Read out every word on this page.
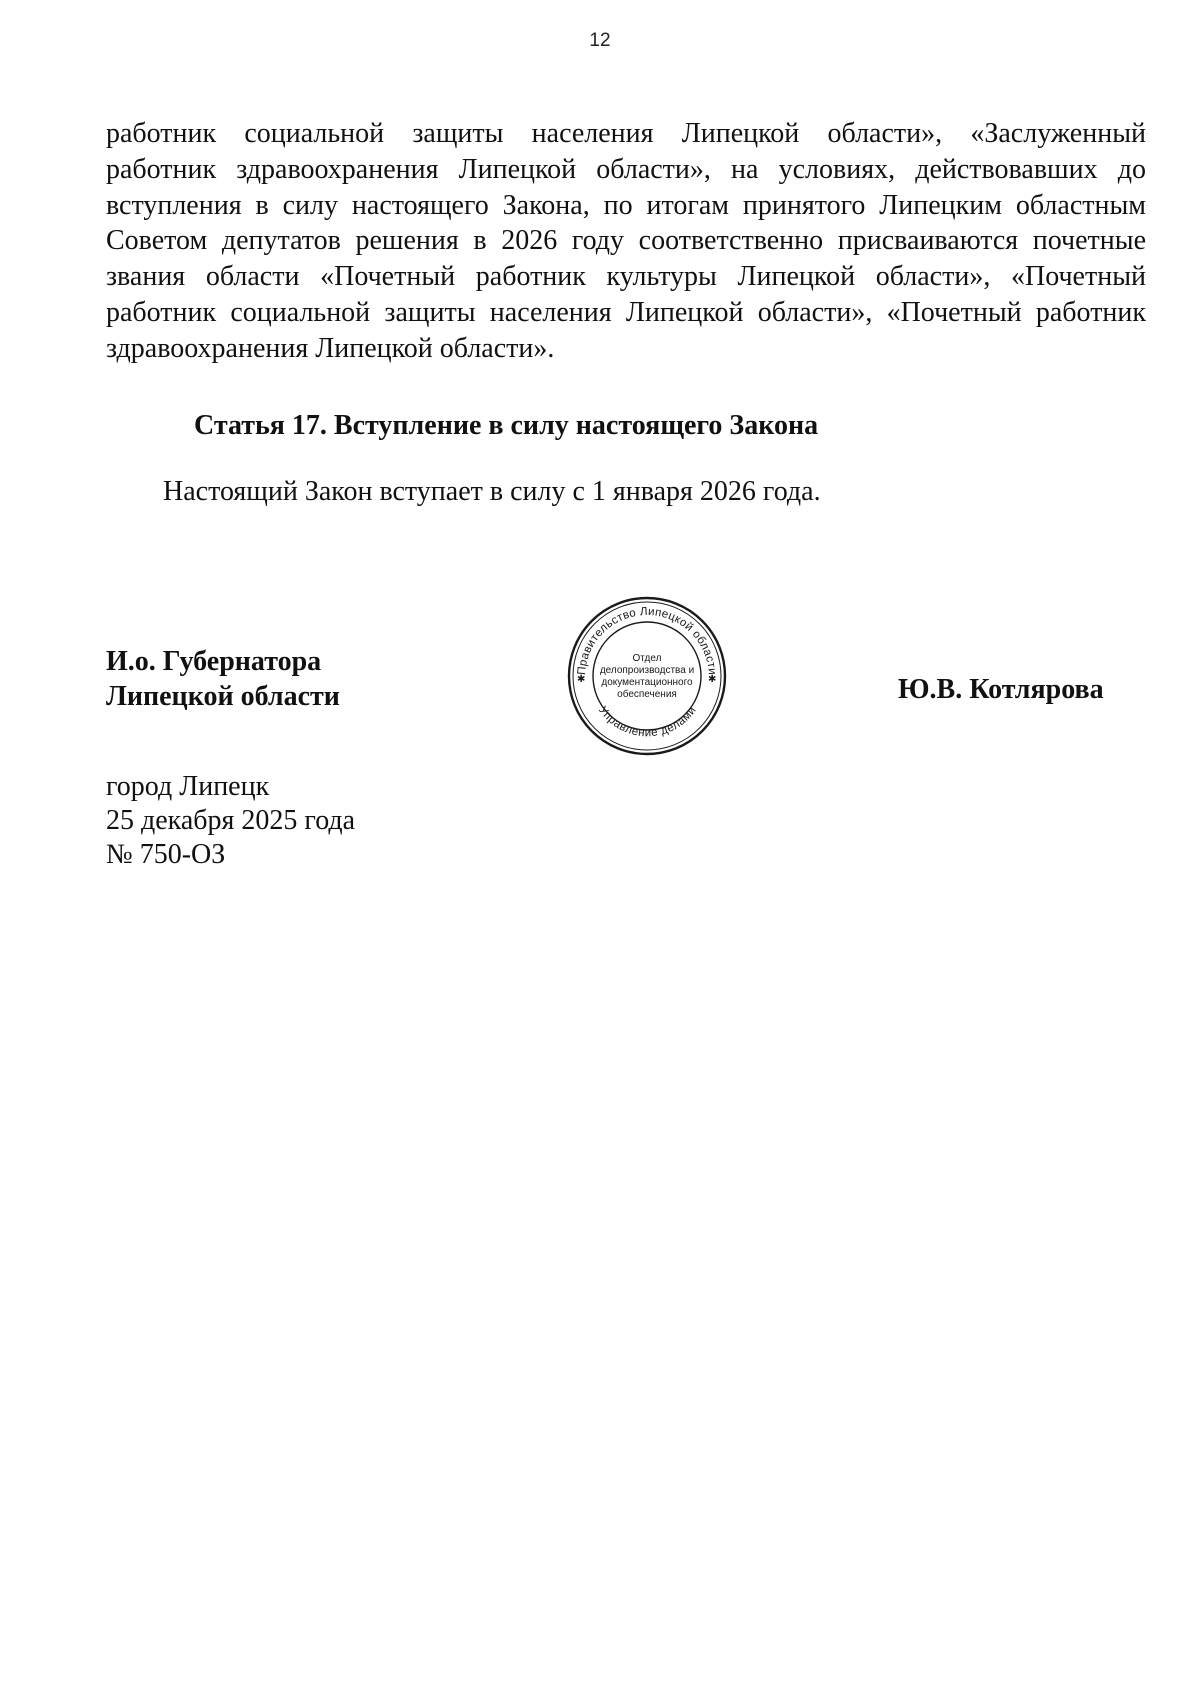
12
работник социальной защиты населения Липецкой области», «Заслуженный
работник здравоохранения Липецкой области», на условиях, действовавших до
вступления в силу настоящего Закона, по итогам принятого Липецким областным
Советом депутатов решения в 2026 году соответственно присваиваются почетные
звания области «Почетный работник культуры Липецкой области», «Почетный
работник социальной защиты населения Липецкой области», «Почетный работник
здравоохранения Липецкой области».
Статья 17. Вступление в силу настоящего Закона

Настоящий Закон вступает в силу с 1 января 2026 года.

И.о. Губернатора
Липецкой области
Правительство Липецкой области
Управление делами
✱	✱
Отдел
делопроизводства и
документационного
обеспечения	Ю.В. Котлярова
город Липецк
25 декабря 2025 года
№ 750-ОЗ
